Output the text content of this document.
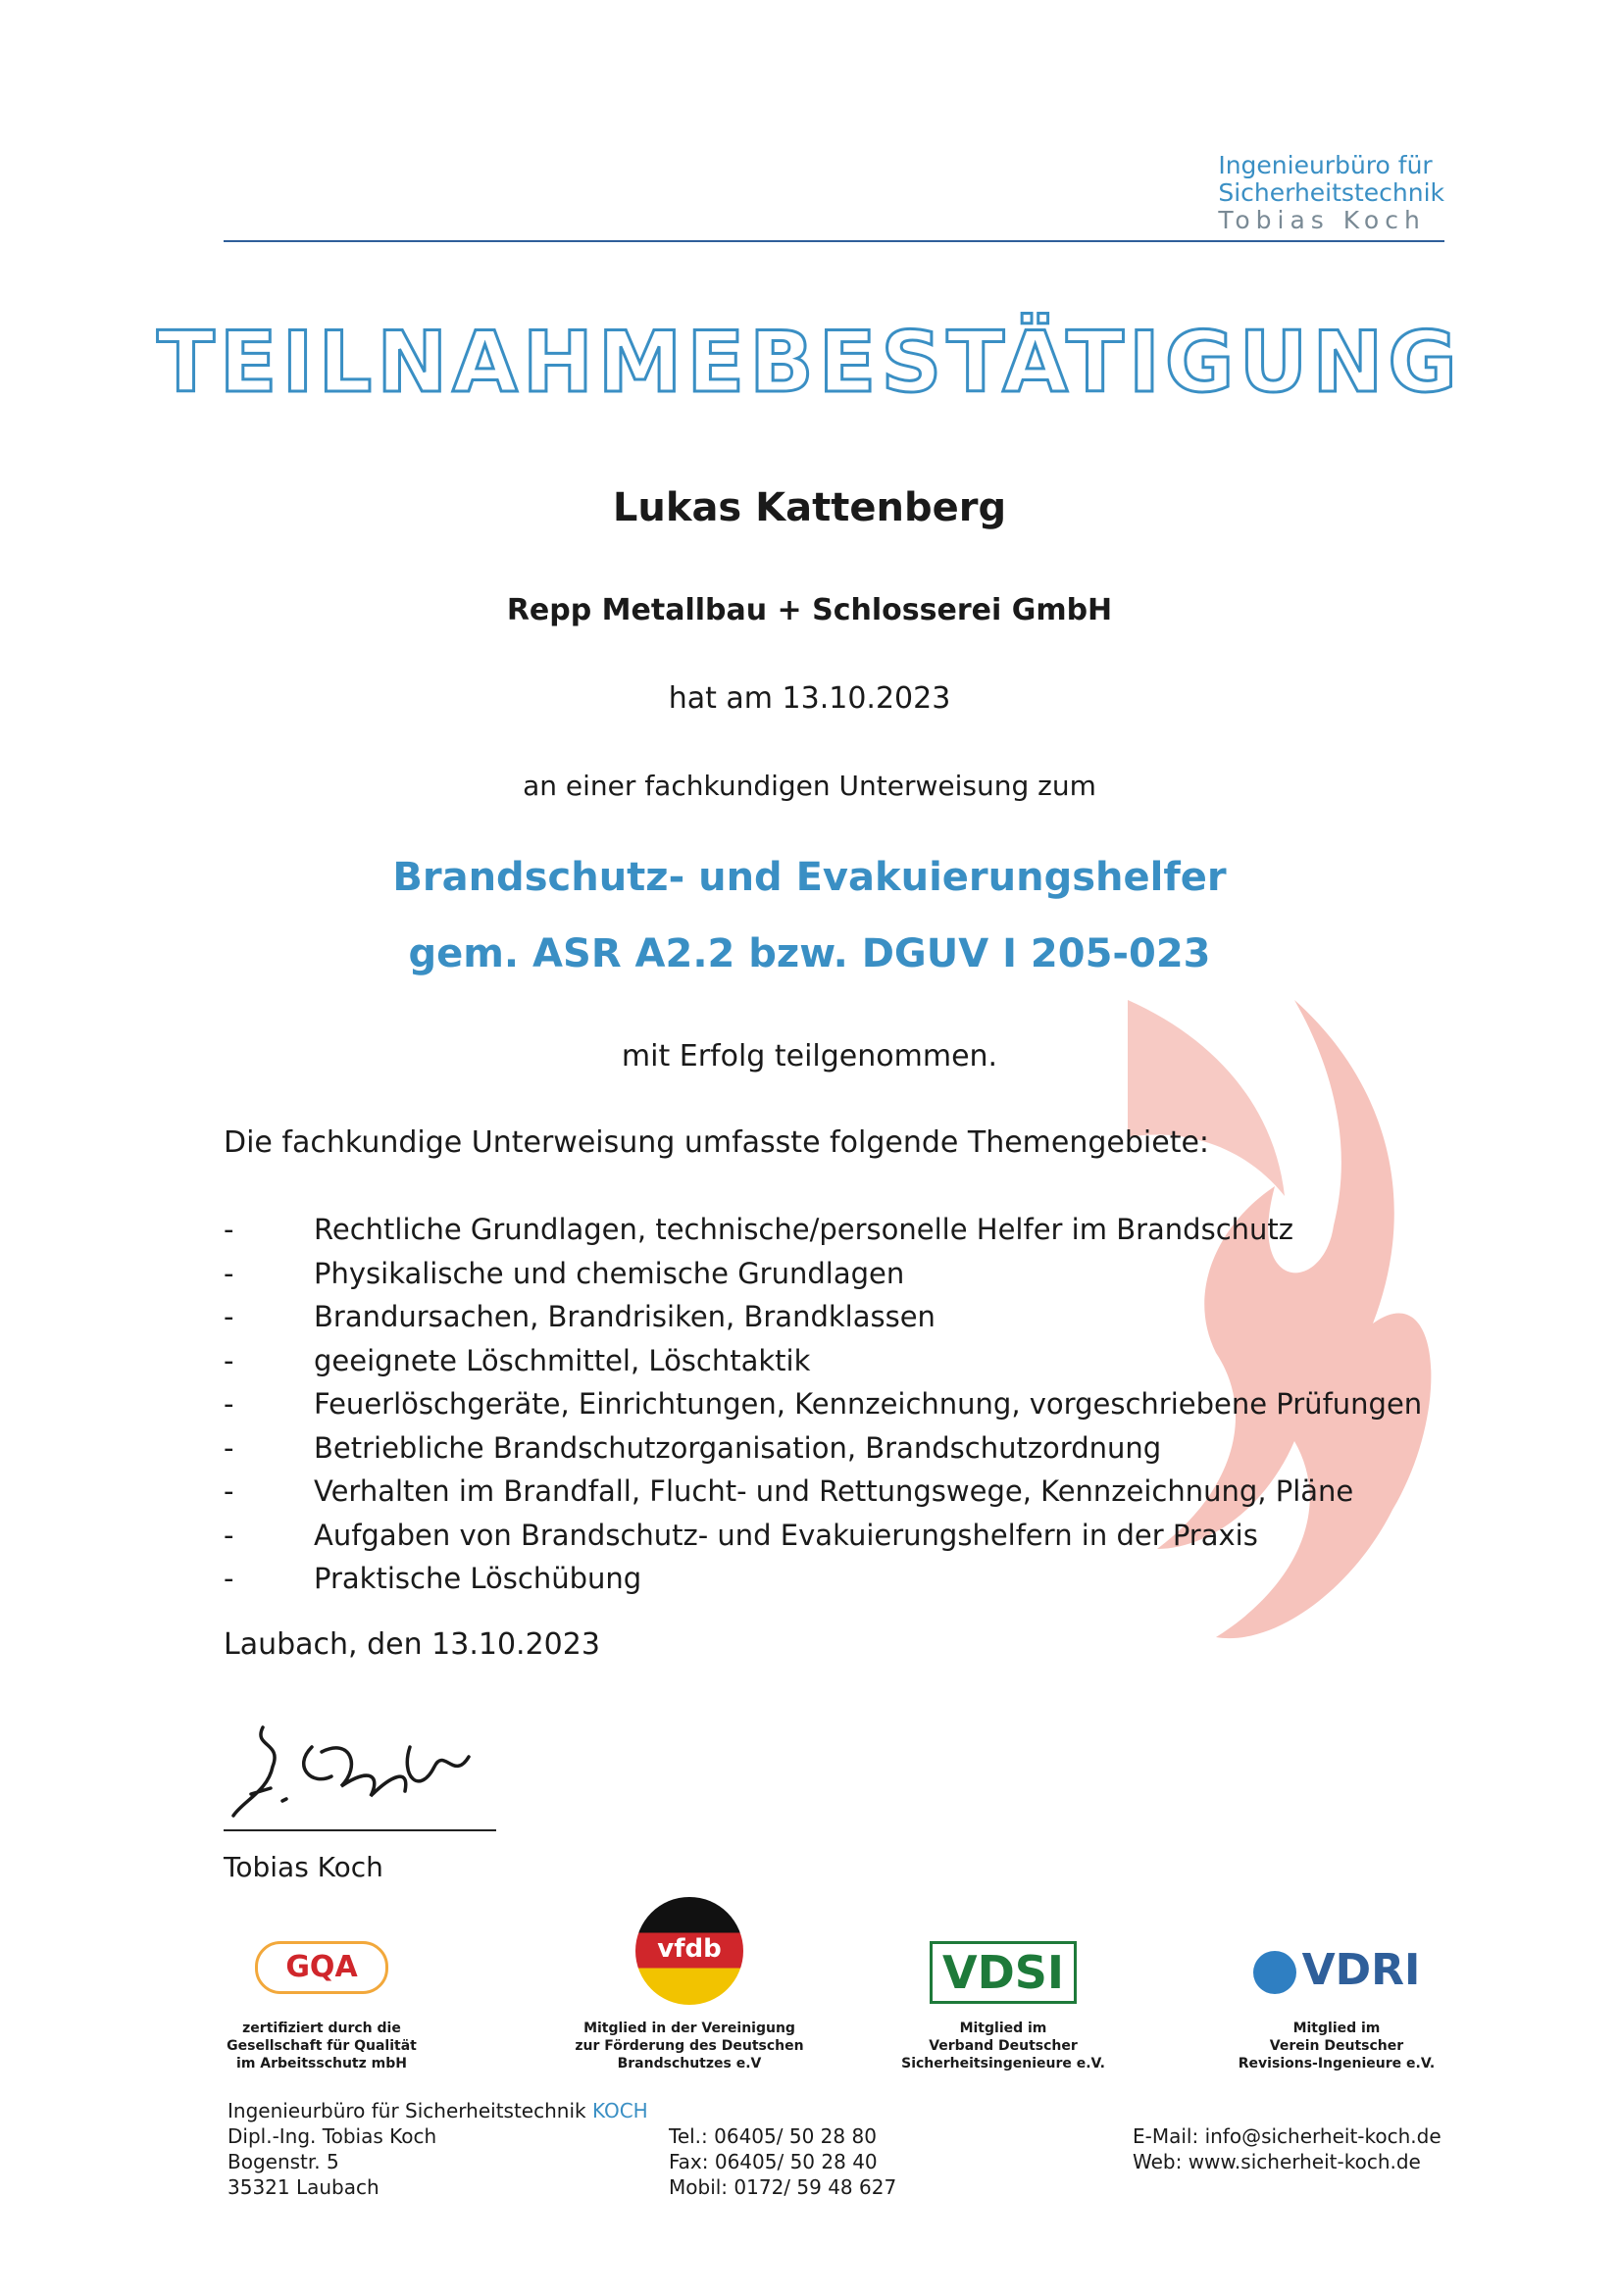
Ingenieurbüro für
Sicherheitstechnik
Tobias Koch
TEILNAHMEBESTÄTIGUNG
Lukas Kattenberg
Repp Metallbau + Schlosserei GmbH
hat am 13.10.2023
an einer fachkundigen Unterweisung zum
Brandschutz- und Evakuierungshelfer
gem. ASR A2.2 bzw. DGUV I 205-023
mit Erfolg teilgenommen.
Die fachkundige Unterweisung umfasste folgende Themengebiete:
-	Rechtliche Grundlagen, technische/personelle Helfer im Brandschutz
-	Physikalische und chemische Grundlagen
-	Brandursachen, Brandrisiken, Brandklassen
-	geeignete Löschmittel, Löschtaktik
-	Feuerlöschgeräte, Einrichtungen, Kennzeichnung, vorgeschriebene Prüfungen
-	Betriebliche Brandschutzorganisation, Brandschutzordnung
-	Verhalten im Brandfall, Flucht- und Rettungswege, Kennzeichnung, Pläne
-	Aufgaben von Brandschutz- und Evakuierungshelfern in der Praxis
-	Praktische Löschübung
Laubach, den 13.10.2023
Tobias Koch
GQA
zertifiziert durch die
Gesellschaft für Qualität
im Arbeitsschutz mbH
vfdb
Mitglied in der Vereinigung
zur Förderung des Deutschen
Brandschutzes e.V
VDSI
Mitglied im
Verband Deutscher
Sicherheitsingenieure e.V.
VDRI
Mitglied im
Verein Deutscher
Revisions-Ingenieure e.V.
Ingenieurbüro für Sicherheitstechnik KOCH
Dipl.-Ing. Tobias Koch
Bogenstr. 5
35321 Laubach
Tel.: 06405/ 50 28 80
Fax: 06405/ 50 28 40
Mobil: 0172/ 59 48 627
E-Mail: info@sicherheit-koch.de
Web: www.sicherheit-koch.de
